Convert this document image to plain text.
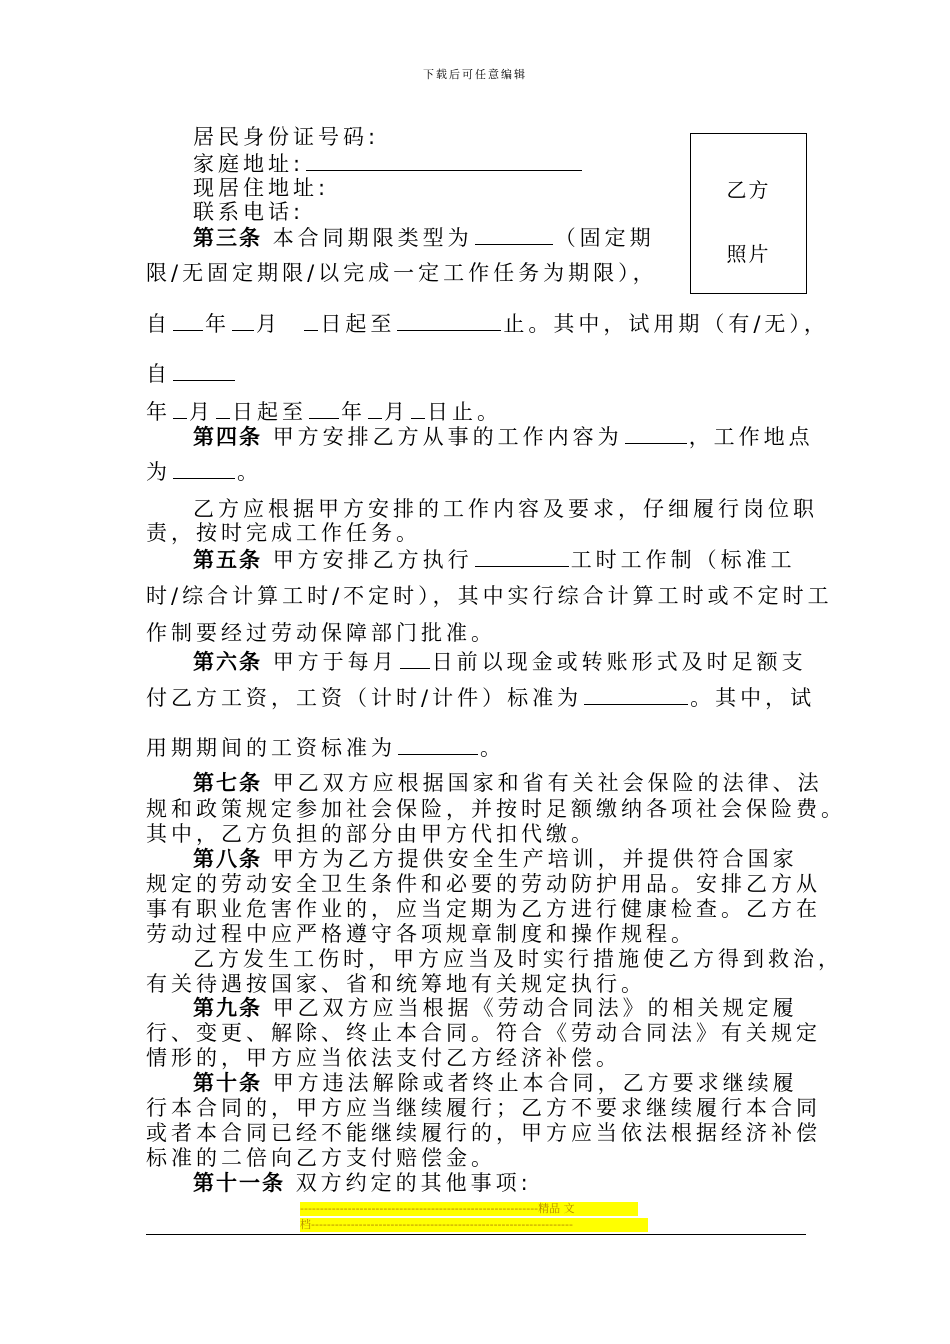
下载后可任意编辑
乙方
照片
居民身份证号码:
家庭地址:
现居住地址:
联系电话:
第三条 本合同期限类型为	（固定期
限/无固定期限/以完成一定工作任务为期限），
自 年 月 日起至	止。其中，试用期（有/无），
自
年 月 日起至 年 月 日止。
第四条 甲方安排乙方从事的工作内容为	，工作地点
为	。
乙方应根据甲方安排的工作内容及要求，仔细履行岗位职
责，按时完成工作任务。
第五条 甲方安排乙方执行	工时工作制（标准工
时/综合计算工时/不定时），其中实行综合计算工时或不定时工
作制要经过劳动保障部门批准。
第六条 甲方于每月 日前以现金或转账形式及时足额支
付乙方工资，工资（计时/计件）标准为	。其中，试
用期期间的工资标准为	。
第七条 甲乙双方应根据国家和省有关社会保险的法律、法
规和政策规定参加社会保险，并按时足额缴纳各项社会保险费。
其中，乙方负担的部分由甲方代扣代缴。
第八条 甲方为乙方提供安全生产培训，并提供符合国家
规定的劳动安全卫生条件和必要的劳动防护用品。安排乙方从
事有职业危害作业的，应当定期为乙方进行健康检查。乙方在
劳动过程中应严格遵守各项规章制度和操作规程。
乙方发生工伤时，甲方应当及时实行措施使乙方得到救治，
有关待遇按国家、省和统筹地有关规定执行。
第九条 甲乙双方应当根据《劳动合同法》的相关规定履
行、变更、解除、终止本合同。符合《劳动合同法》有关规定
情形的，甲方应当依法支付乙方经济补偿。
第十条 甲方违法解除或者终止本合同，乙方要求继续履
行本合同的，甲方应当继续履行；乙方不要求继续履行本合同
或者本合同已经不能继续履行的，甲方应当依法根据经济补偿
标准的二倍向乙方支付赔偿金。
第十一条 双方约定的其他事项:
------------------------------------------------------------精品 文
档------------------------------------------------------------------
